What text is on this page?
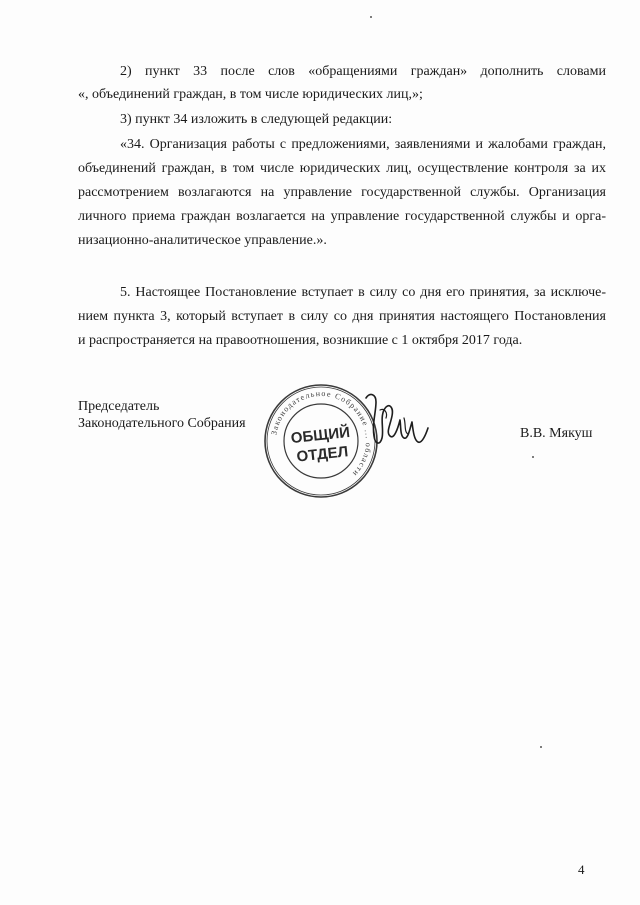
2) пункт 33 после слов «обращениями граждан» дополнить словами
«, объединений граждан, в том числе юридических лиц,»;
3) пункт 34 изложить в следующей редакции:
«34. Организация работы с предложениями, заявлениями и жалобами граждан,
объединений граждан, в том числе юридических лиц, осуществление контроля за их
рассмотрением возлагаются на управление государственной службы. Организация
личного приема граждан возлагается на управление государственной службы и орга-
низационно-аналитическое управление.».
5. Настоящее Постановление вступает в силу со дня его принятия, за исключе-
нием пункта 3, который вступает в силу со дня принятия настоящего Постановления
и распространяется на правоотношения, возникшие с 1 октября 2017 года.
Председатель
Законодательного Собрания
Законодательное Собрание ... области
ОБЩИЙ
ОТДЕЛ
В.В. Мякуш
4
